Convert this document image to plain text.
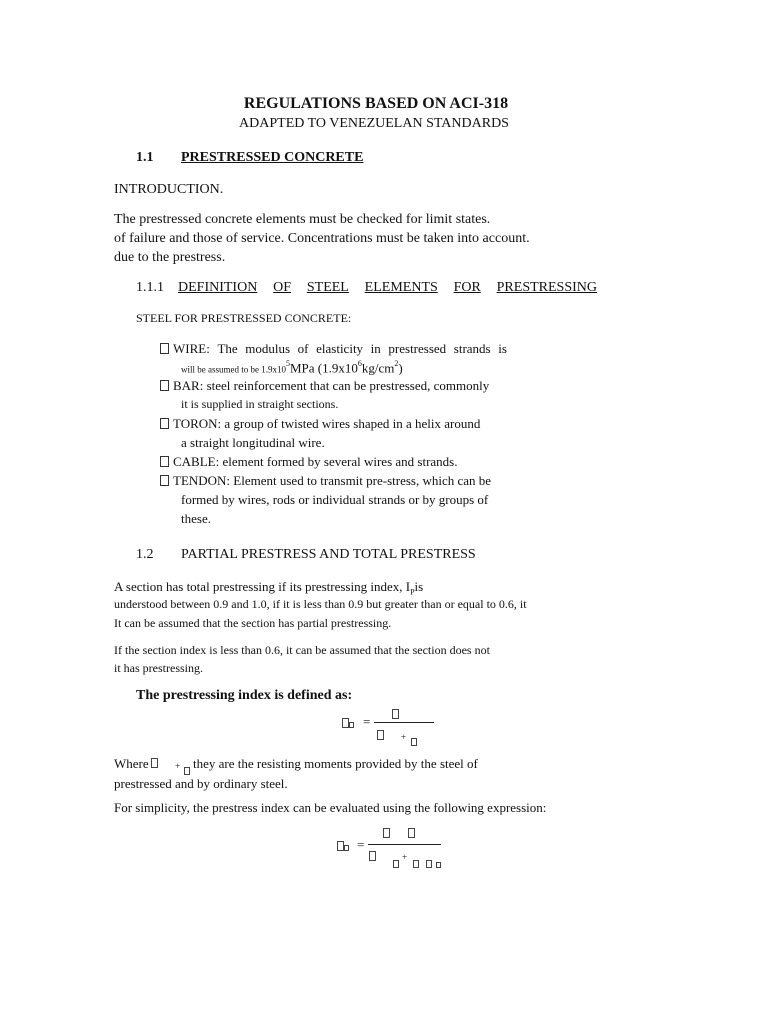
REGULATIONS BASED ON ACI-318
ADAPTED TO VENEZUELAN STANDARDS
1.1 PRESTRESSED CONCRETE
INTRODUCTION.
The prestressed concrete elements must be checked for limit states.
of failure and those of service. Concentrations must be taken into account.
due to the prestress.
1.1.1 DEFINITION OF STEEL ELEMENTS FOR PRESTRESSING
STEEL FOR PRESTRESSED CONCRETE:
WIRE: The modulus of elasticity in prestressed strands is
will be assumed to be $1.9x10^5MPa$ $(1.9x10^6kg/cm^2)$
BAR: steel reinforcement that can be prestressed, commonly
it is supplied in straight sections.
TORON: a group of twisted wires shaped in a helix around
a straight longitudinal wire.
CABLE: element formed by several wires and strands.
TENDON: Element used to transmit pre-stress, which can be
formed by wires, rods or individual strands or by groups of
these.
1.2 PARTIAL PRESTRESS AND TOTAL PRESTRESS
A section has total prestressing if its prestressing index, $I_Pis$
understood between 0.9 and 1.0, if it is less than 0.9 but greater than or equal to 0.6, it
It can be assumed that the section has partial prestressing.
If the section index is less than 0.6, it can be assumed that the section does not
it has prestressing.
The prestressing index is defined as:
=
+
Where	+ they are the resisting moments provided by the steel of
prestressed and by ordinary steel.
For simplicity, the prestress index can be evaluated using the following expression:
=

+
